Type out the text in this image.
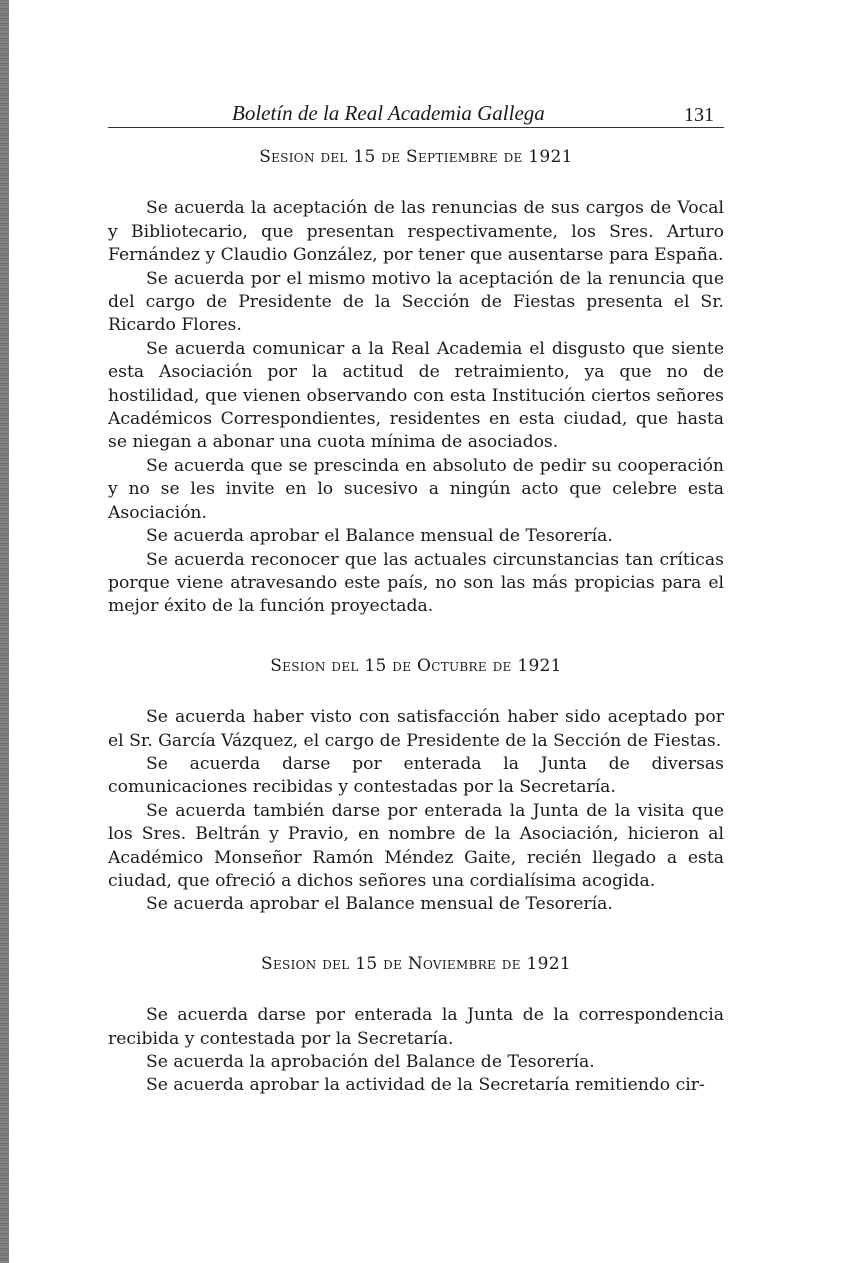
Boletín de la Real Academia Gallega	131
Sesion del 15 de Septiembre de 1921

Se acuerda la aceptación de las renuncias de sus cargos de Vocal y Bibliotecario, que presentan respectivamente, los Sres. Arturo Fernández y Claudio González, por tener que ausentarse para España.

Se acuerda por el mismo motivo la aceptación de la renuncia que del cargo de Presidente de la Sección de Fiestas presenta el Sr. Ricardo Flores.

Se acuerda comunicar a la Real Academia el disgusto que siente esta Asociación por la actitud de retraimiento, ya que no de hostilidad, que vienen observando con esta Institución ciertos señores Académicos Correspondientes, residentes en esta ciudad, que hasta se niegan a abonar una cuota mínima de asociados.

Se acuerda que se prescinda en absoluto de pedir su cooperación y no se les invite en lo sucesivo a ningún acto que celebre esta Asociación.

Se acuerda aprobar el Balance mensual de Tesorería.

Se acuerda reconocer que las actuales circunstancias tan críticas porque viene atravesando este país, no son las más propicias para el mejor éxito de la función proyectada.

Sesion del 15 de Octubre de 1921

Se acuerda haber visto con satisfacción haber sido aceptado por el Sr. García Vázquez, el cargo de Presidente de la Sección de Fiestas.

Se acuerda darse por enterada la Junta de diversas comunicaciones recibidas y contestadas por la Secretaría.

Se acuerda también darse por enterada la Junta de la visita que los Sres. Beltrán y Pravio, en nombre de la Asociación, hicieron al Académico Monseñor Ramón Méndez Gaite, recién llegado a esta ciudad, que ofreció a dichos señores una cordialísima acogida.

Se acuerda aprobar el Balance mensual de Tesorería.

Sesion del 15 de Noviembre de 1921

Se acuerda darse por enterada la Junta de la correspondencia recibida y contestada por la Secretaría.

Se acuerda la aprobación del Balance de Tesorería.

Se acuerda aprobar la actividad de la Secretaría remitiendo cir-
